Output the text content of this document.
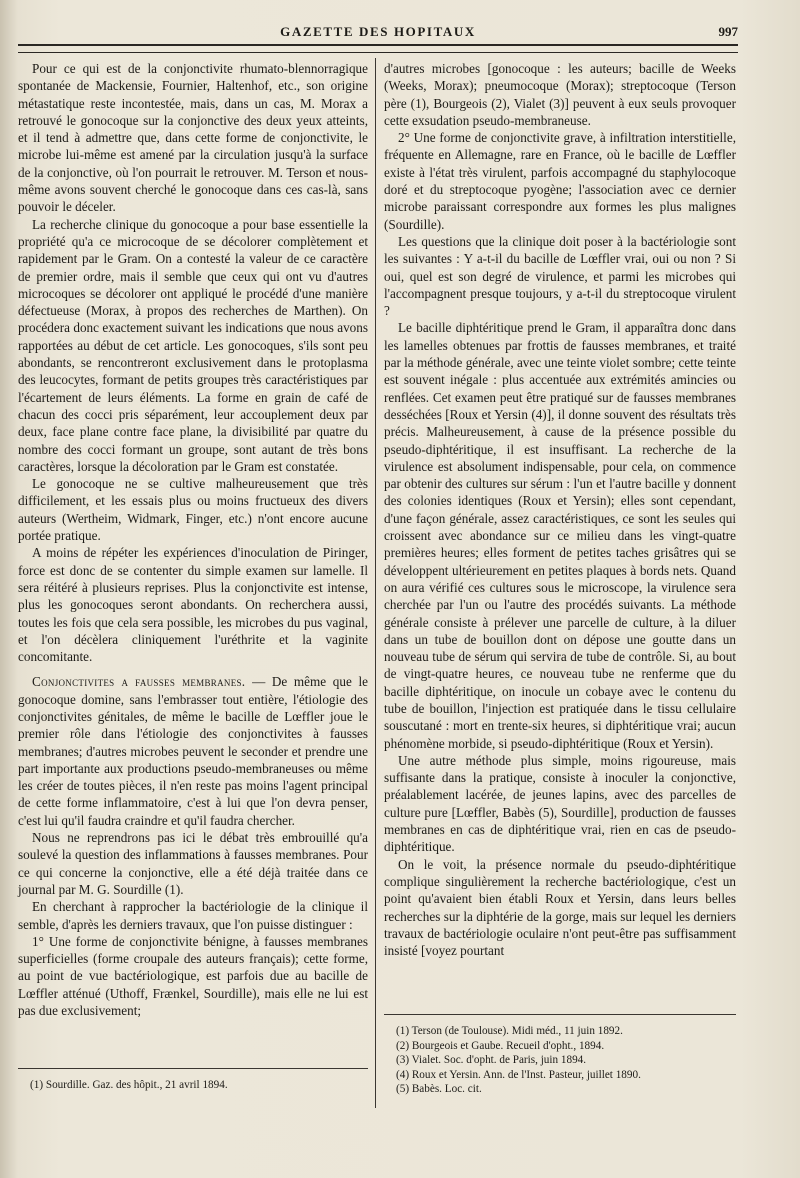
GAZETTE DES HOPITAUX	997

Pour ce qui est de la conjonctivite rhumato-blennorragique spontanée de Mackensie, Fournier, Haltenhof, etc., son origine métastatique reste incontestée, mais, dans un cas, M. Morax a retrouvé le gonocoque sur la conjonctive des deux yeux atteints, et il tend à admettre que, dans cette forme de conjonctivite, le microbe lui-même est amené par la circulation jusqu'à la surface de la conjonctive, où l'on pourrait le retrouver. M. Terson et nous-même avons souvent cherché le gonocoque dans ces cas-là, sans pouvoir le déceler.

La recherche clinique du gonocoque a pour base essentielle la propriété qu'a ce microcoque de se décolorer complètement et rapidement par le Gram. On a contesté la valeur de ce caractère de premier ordre, mais il semble que ceux qui ont vu d'autres microcoques se décolorer ont appliqué le procédé d'une manière défectueuse (Morax, à propos des recherches de Marthen). On procédera donc exactement suivant les indications que nous avons rapportées au début de cet article. Les gonocoques, s'ils sont peu abondants, se rencontreront exclusivement dans le protoplasma des leucocytes, formant de petits groupes très caractéristiques par l'écartement de leurs éléments. La forme en grain de café de chacun des cocci pris séparément, leur accouplement deux par deux, face plane contre face plane, la divisibilité par quatre du nombre des cocci formant un groupe, sont autant de très bons caractères, lorsque la décoloration par le Gram est constatée.

Le gonocoque ne se cultive malheureusement que très difficilement, et les essais plus ou moins fructueux des divers auteurs (Wertheim, Widmark, Finger, etc.) n'ont encore aucune portée pratique.

A moins de répéter les expériences d'inoculation de Piringer, force est donc de se contenter du simple examen sur lamelle. Il sera réitéré à plusieurs reprises. Plus la conjonctivite est intense, plus les gonocoques seront abondants. On recherchera aussi, toutes les fois que cela sera possible, les microbes du pus vaginal, et l'on décèlera cliniquement l'uréthrite et la vaginite concomitante.

Conjonctivites a fausses membranes. — De même que le gonocoque domine, sans l'embrasser tout entière, l'étiologie des conjonctivites génitales, de même le bacille de Lœffler joue le premier rôle dans l'étiologie des conjonctivites à fausses membranes; d'autres microbes peuvent le seconder et prendre une part importante aux productions pseudo-membraneuses ou même les créer de toutes pièces, il n'en reste pas moins l'agent principal de cette forme inflammatoire, c'est à lui que l'on devra penser, c'est lui qu'il faudra craindre et qu'il faudra chercher.

Nous ne reprendrons pas ici le débat très embrouillé qu'a soulevé la question des inflammations à fausses membranes. Pour ce qui concerne la conjonctive, elle a été déjà traitée dans ce journal par M. G. Sourdille (1).

En cherchant à rapprocher la bactériologie de la clinique il semble, d'après les derniers travaux, que l'on puisse distinguer :

1° Une forme de conjonctivite bénigne, à fausses membranes superficielles (forme croupale des auteurs français); cette forme, au point de vue bactériologique, est parfois due au bacille de Lœffler atténué (Uthoff, Frænkel, Sourdille), mais elle ne lui est pas due exclusivement;

(1) Sourdille. Gaz. des hôpit., 21 avril 1894.

d'autres microbes [gonocoque : les auteurs; bacille de Weeks (Weeks, Morax); pneumocoque (Morax); streptocoque (Terson père (1), Bourgeois (2), Vialet (3)] peuvent à eux seuls provoquer cette exsudation pseudo-membraneuse.

2° Une forme de conjonctivite grave, à infiltration interstitielle, fréquente en Allemagne, rare en France, où le bacille de Lœffler existe à l'état très virulent, parfois accompagné du staphylocoque doré et du streptocoque pyogène; l'association avec ce dernier microbe paraissant correspondre aux formes les plus malignes (Sourdille).

Les questions que la clinique doit poser à la bactériologie sont les suivantes : Y a-t-il du bacille de Lœffler vrai, oui ou non ? Si oui, quel est son degré de virulence, et parmi les microbes qui l'accompagnent presque toujours, y a-t-il du streptocoque virulent ?

Le bacille diphtéritique prend le Gram, il apparaîtra donc dans les lamelles obtenues par frottis de fausses membranes, et traité par la méthode générale, avec une teinte violet sombre; cette teinte est souvent inégale : plus accentuée aux extrémités amincies ou renflées. Cet examen peut être pratiqué sur de fausses membranes desséchées [Roux et Yersin (4)], il donne souvent des résultats très précis. Malheureusement, à cause de la présence possible du pseudo-diphtéritique, il est insuffisant. La recherche de la virulence est absolument indispensable, pour cela, on commence par obtenir des cultures sur sérum : l'un et l'autre bacille y donnent des colonies identiques (Roux et Yersin); elles sont cependant, d'une façon générale, assez caractéristiques, ce sont les seules qui croissent avec abondance sur ce milieu dans les vingt-quatre premières heures; elles forment de petites taches grisâtres qui se développent ultérieurement en petites plaques à bords nets. Quand on aura vérifié ces cultures sous le microscope, la virulence sera cherchée par l'un ou l'autre des procédés suivants. La méthode générale consiste à prélever une parcelle de culture, à la diluer dans un tube de bouillon dont on dépose une goutte dans un nouveau tube de sérum qui servira de tube de contrôle. Si, au bout de vingt-quatre heures, ce nouveau tube ne renferme que du bacille diphtéritique, on inocule un cobaye avec le contenu du tube de bouillon, l'injection est pratiquée dans le tissu cellulaire souscutané : mort en trente-six heures, si diphtéritique vrai; aucun phénomène morbide, si pseudo-diphtéritique (Roux et Yersin).

Une autre méthode plus simple, moins rigoureuse, mais suffisante dans la pratique, consiste à inoculer la conjonctive, préalablement lacérée, de jeunes lapins, avec des parcelles de culture pure [Lœffler, Babès (5), Sourdille], production de fausses membranes en cas de diphtéritique vrai, rien en cas de pseudo-diphtéritique.

On le voit, la présence normale du pseudo-diphtéritique complique singulièrement la recherche bactériologique, c'est un point qu'avaient bien établi Roux et Yersin, dans leurs belles recherches sur la diphtérie de la gorge, mais sur lequel les derniers travaux de bactériologie oculaire n'ont peut-être pas suffisamment insisté [voyez pourtant

(1) Terson (de Toulouse). Midi méd., 11 juin 1892.
(2) Bourgeois et Gaube. Recueil d'opht., 1894.
(3) Vialet. Soc. d'opht. de Paris, juin 1894.
(4) Roux et Yersin. Ann. de l'Inst. Pasteur, juillet 1890.
(5) Babès. Loc. cit.
